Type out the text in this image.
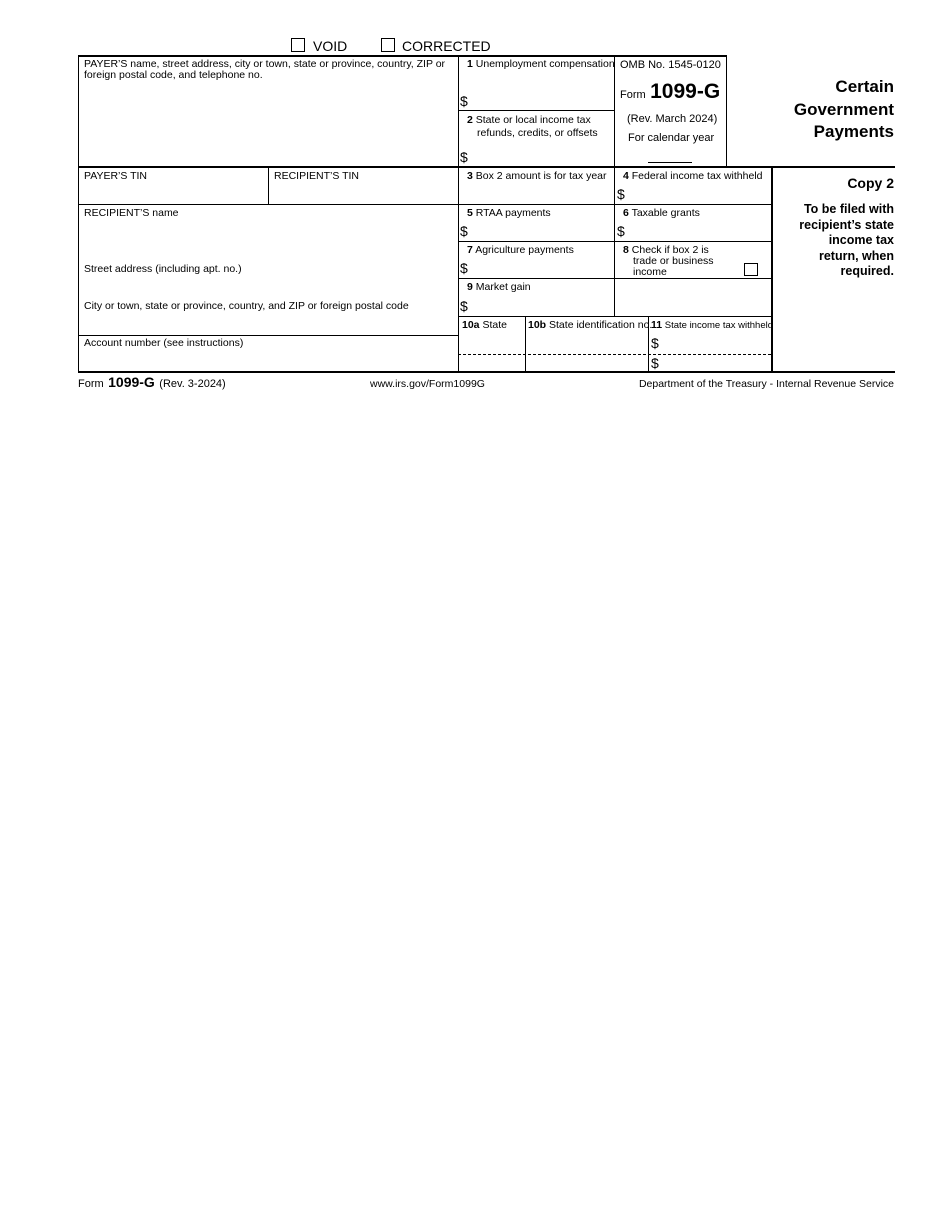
VOID	CORRECTED
PAYER’S name, street address, city or town, state or province, country, ZIP or foreign postal code, and telephone no.
PAYER’S TIN	RECIPIENT’S TIN
RECIPIENT’S name
Street address (including apt. no.)
City or town, state or province, country, and ZIP or foreign postal code
Account number (see instructions)
1 Unemployment compensation
$
2 State or local income tax
refunds, credits, or offsets
$
3 Box 2 amount is for tax year 4 Federal income tax withheld
$
5 RTAA payments
$
6 Taxable grants
$
7 Agriculture payments
$
8 Check if box 2 is
trade or business
income
9 Market gain
$
10a State 10b State identification no.
11 State income tax withheld
$
$
OMB No. 1545-0120
Form 1099-G
(Rev. March 2024)
For calendar year
Certain
Government
Payments
Copy 2
To be filed with
recipient’s state
income tax
return, when
required.
Form 1099-G (Rev. 3-2024)	www.irs.gov/Form1099G	Department of the Treasury - Internal Revenue Service
